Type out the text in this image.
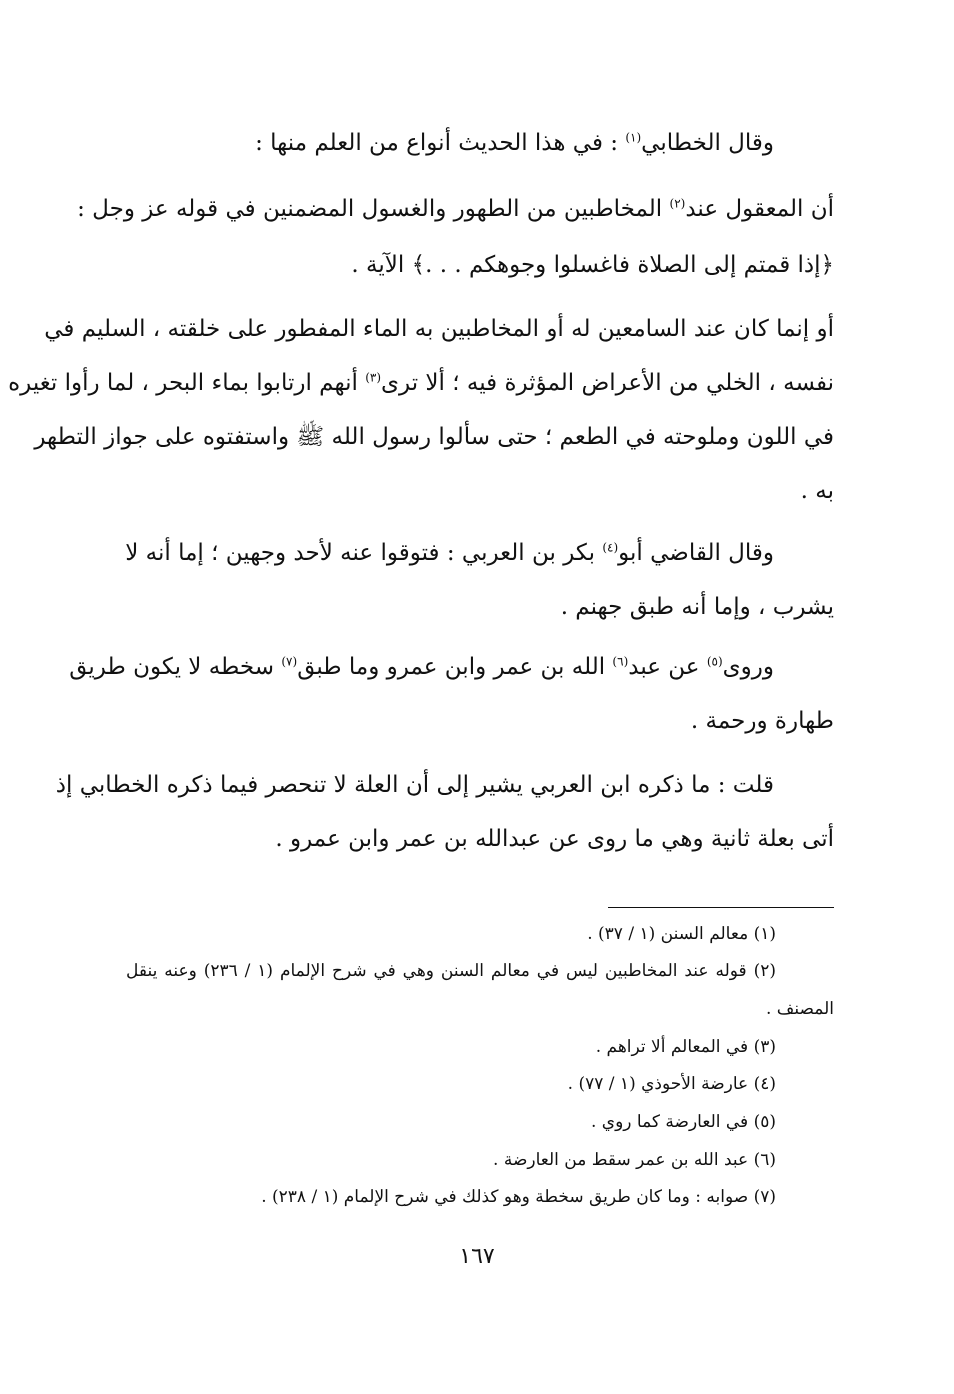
وقال الخطابي$^{(١)}$ : في هذا الحديث أنواع من العلم منها :

أن المعقول عند$^{(٢)}$ المخاطبين من الطهور والغسول المضمنين في قوله عز وجل :

﴿إذا قمتم إلى الصلاة فاغسلوا وجوهكم . . .﴾ الآية .

أو إنما كان عند السامعين له أو المخاطبين به الماء المفطور على خلقته ، السليم في

نفسه ، الخلي من الأعراض المؤثرة فيه ؛ ألا ترى$^{(٣)}$ أنهم ارتابوا بماء البحر ، لما رأوا تغيره

في اللون وملوحته في الطعم ؛ حتى سألوا رسول الله ﷺ واستفتوه على جواز التطهر

به .

وقال القاضي أبو$^{(٤)}$ بكر بن العربي : فتوقوا عنه لأحد وجهين ؛ إما أنه لا

يشرب ، وإما أنه طبق جهنم .

وروى$^{(٥)}$ عن عبد$^{(٦)}$ الله بن عمر وابن عمرو وما طبق$^{(٧)}$ سخطه لا يكون طريق

طهارة ورحمة .

قلت : ما ذكره ابن العربي يشير إلى أن العلة لا تنحصر فيما ذكره الخطابي إذ

أتى بعلة ثانية وهي ما روى عن عبدالله بن عمر وابن عمرو .

(١) معالم السنن (١ / ٣٧) .

(٢) قوله عند المخاطبين ليس في معالم السنن وهي في شرح الإلمام (١ / ٢٣٦) وعنه ينقل

المصنف .

(٣) في المعالم ألا تراهم .

(٤) عارضة الأحوذي (١ / ٧٧) .

(٥) في العارضة كما روي .

(٦) عبد الله بن عمر سقط من العارضة .

(٧) صوابه : وما كان طريق سخطة وهو كذلك في شرح الإلمام (١ / ٢٣٨) .

١٦٧
